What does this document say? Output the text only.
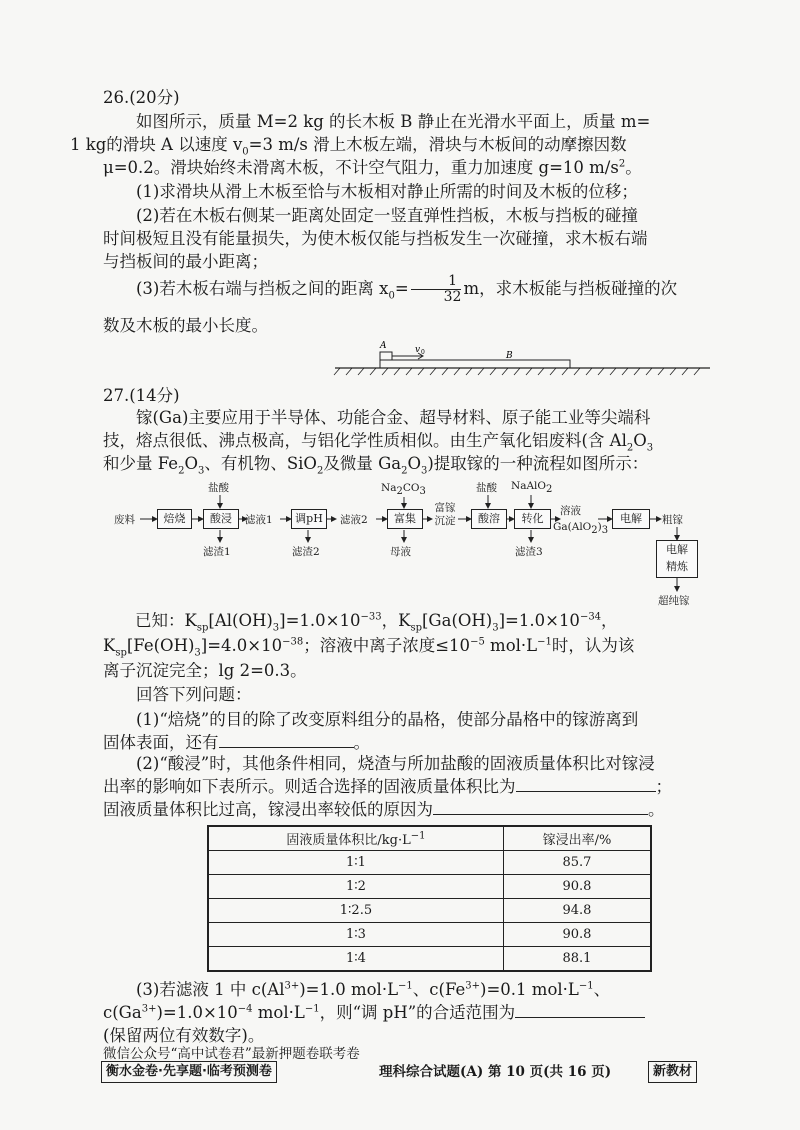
26.(20分)
如图所示，质量 M=2 kg 的长木板 B 静止在光滑水平面上，质量 m=
1 kg的滑块 A 以速度 $v_0=3$ m/s 滑上木板左端，滑块与木板间的动摩擦因数
μ=0.2。滑块始终未滑离木板，不计空气阻力，重力加速度 g=10 $m/s^2$。
(1)求滑块从滑上木板至恰与木板相对静止所需的时间及木板的位移；
(2)若在木板右侧某一距离处固定一竖直弹性挡板，木板与挡板的碰撞
时间极短且没有能量损失，为使木板仅能与挡板发生一次碰撞，求木板右端
与挡板间的最小距离；
(3)若木板右端与挡板之间的距离 $x_0= \frac{1}{32}$ m，求木板能与挡板碰撞的次
数及木板的最小长度。
A	v 0	B
27.(14分)
镓(Ga)主要应用于半导体、功能合金、超导材料、原子能工业等尖端科
技，熔点很低、沸点极高，与铝化学性质相似。由生产氧化铝废料(含 $Al_2O_3$
和少量 $Fe_2O_3$、有机物、SiO$_2$及微量 $Ga_2O_3$)提取镓的一种流程如图所示：
焙烧	酸浸	调pH	富集	酸溶	转化	电解
电解精炼
废料	滤液1	滤液2
富镓沉淀
溶液
$Ga(AlO_2)_3$
粗镓
超纯镓
盐酸	$Na_2CO_3$	盐酸 NaAlO$_2$
滤渣1	滤渣2	母液	滤渣3
已知：$K_{sp}[Al(OH)_3]=1.0\times 10^{-33}$，$K_{sp}[Ga(OH)_3]=1.0\times 10^{-34}$，
$K_{sp}[Fe(OH)_3]=4.0\times 10^{-38}$；溶液中离子浓度$\le 10^{-5}$ $mol\cdot L^{-1}$时，认为该
离子沉淀完全；lg 2=0.3。
回答下列问题：
(1)“焙烧”的目的除了改变原料组分的晶格，使部分晶格中的镓游离到
固体表面，还有	。
(2)“酸浸”时，其他条件相同，烧渣与所加盐酸的固液质量体积比对镓浸
出率的影响如下表所示。则适合选择的固液质量体积比为	；
固液质量体积比过高，镓浸出率较低的原因为	。
固液质量体积比$/kg\cdot L^{-1}$	镓浸出率/%
1∶1	85.7
1∶2	90.8
1∶2.5	94.8
1∶3	90.8
1∶4	88.1
(3)若滤液 1 中 $c(Al^{3+})=1.0$ $mol\cdot L^{-1}$、$c(Fe^{3+})=0.1$ $mol\cdot L^{-1}$、
$c(Ga^{3+})=1.0\times 10^{-4}$ $mol\cdot L^{-1}$，则“调 pH”的合适范围为
(保留两位有效数字)。
微信公众号“高中试卷君”最新押题卷联考卷
衡水金卷·先享题·临考预测卷	理科综合试题(A) 第 10 页(共 16 页)	新教材
